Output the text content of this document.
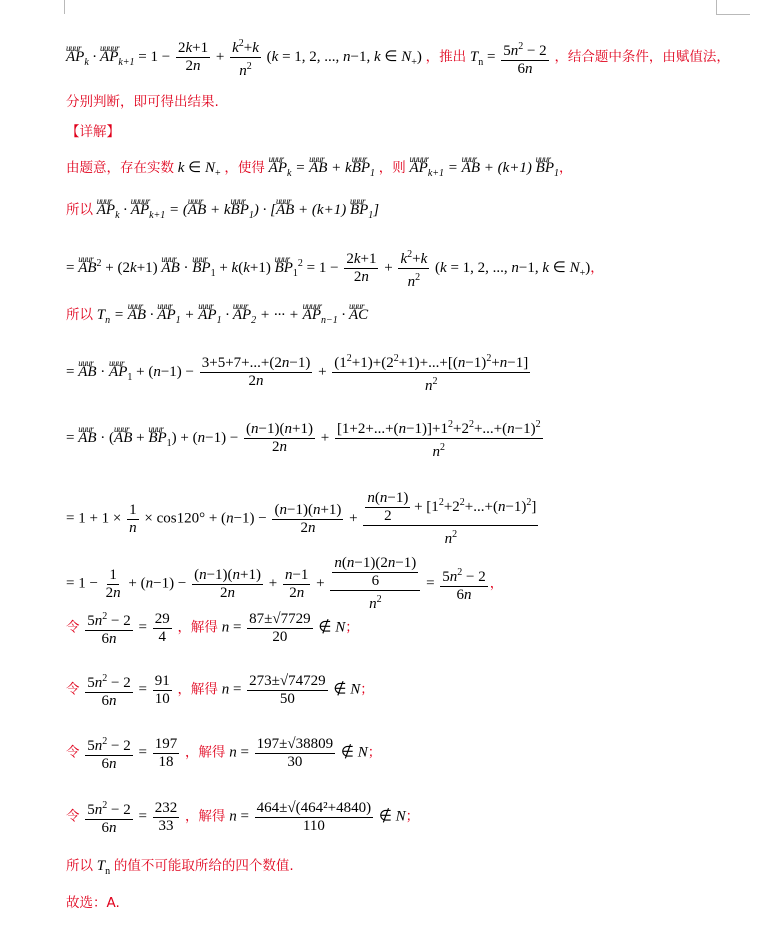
uuur $AP_k$ · uuuur $AP_{k+1} = 1 - \frac{2k+1}{2n} + \frac{k^2+k}{n^2} (k = 1$, 2, ..., n−1, k ∈ $N_+$) ，推出 $T_n = \frac{5n^2 - 2}{6n}$ ，结合题中条件，由赋值法，
分别判断，即可得出结果.
【详解】
由题意，存在实数 k ∈ $N_+$ ，使得 uuur $AP_k$ = uuur AB + kuuur $BP_1$ ，则 uuuur $AP_{k+1}$ = uuur AB + (k+1) uuur $BP_1$，
所以 uuur $AP_k$ · uuuur $AP_{k+1}$ = (uuur AB + kuuur $BP_1$) · [uuur AB + (k+1) uuur $BP_1$]
= uuur $AB^2 + (2k+1)$ uuur AB · uuur $BP_1 + k(k+1)$ uuur $BP_1^2 = 1 - \frac{2k+1}{2n} + \frac{k^2+k}{n^2} (k = 1$, 2, ..., n−1, k ∈ $N_+$)，
所以 $T_n$ = uuur AB · uuur $AP_1$ + uuur $AP_1$ · uuur $AP_2$ + ··· + uuuur $AP_{n-1}$ · uuur AC
= uuur AB · uuur $AP_1 + (n-1) - \frac{3+5+7+...+(2n-1)}{2n} + \frac{(1^2+1)+(2^2+1)+...+[(n-1)^2+n-1]}{n^2}$
= uuur AB · (uuur AB + uuur $BP_1) + (n-1) - \frac{(n-1)(n+1)}{2n} + \frac{[1+2+...+(n-1)]+1^2+2^2+...+(n-1)^2}{n^2}$
= $1 + 1 \times \frac{1}{n} \times \cos 120^\circ + (n-1) - \frac{(n-1)(n+1)}{2n} + \frac{\frac{n(n-1)}{2} + [1^2+2^2+...+(n-1)^2]}{n^2}$
= $1 - \frac{1}{2n} + (n-1) - \frac{(n-1)(n+1)}{2n} + \frac{n-1}{2n} + \frac{\frac{n(n-1)(2n-1)}{6}}{n^2} = \frac{5n^2 - 2}{6n}$ ，
令 $\frac{5n^2 - 2}{6n} = \frac{29}{4}$ ，解得 $n = \frac{87\pm√7729}{20}$ ∉ N；
令 $\frac{5n^2 - 2}{6n} = \frac{91}{10}$ ，解得 $n = \frac{273\pm√74729}{50}$ ∉ N；
令 $\frac{5n^2 - 2}{6n} = \frac{197}{18}$ ，解得 $n = \frac{197\pm√38809}{30}$ ∉ N；
令 $\frac{5n^2 - 2}{6n} = \frac{232}{33}$ ，解得 $n = \frac{\text{464±√(464²+4840)}}{110}$ ∉ N；
所以 $T_n$ 的值不可能取所给的四个数值.
故选：A.
